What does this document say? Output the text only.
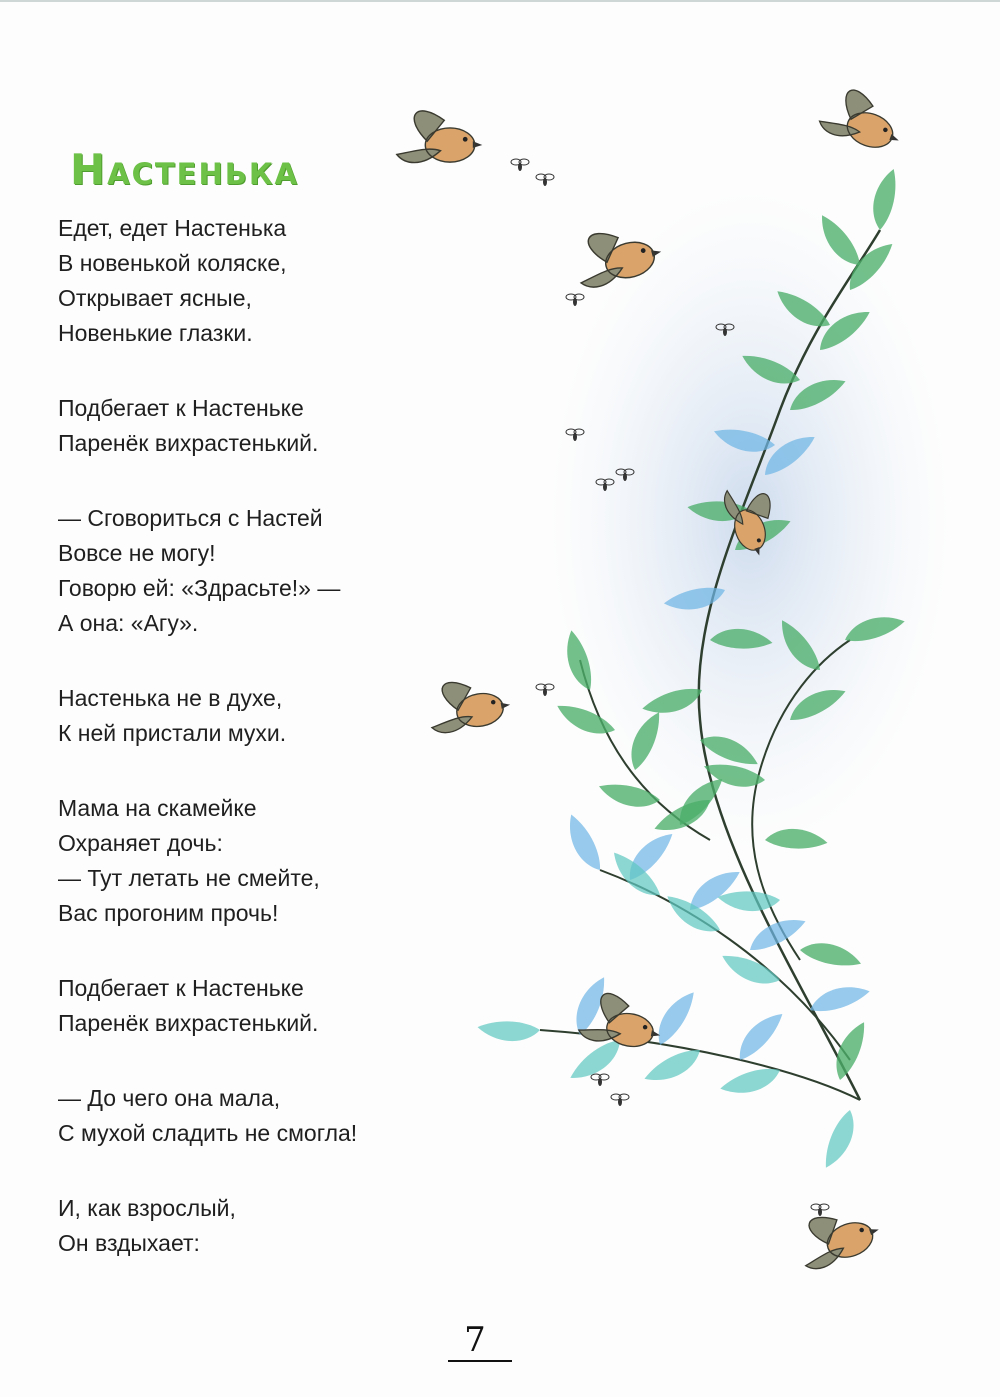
Настенька
Едет, едет Настенька
В новенькой коляске,
Открывает ясные,
Новенькие глазки.
Подбегает к Настеньке
Паренёк вихрастенький.
— Сговориться с Настей
Вовсе не могу!
Говорю ей: «Здрасьте!» —
А она: «Агу».
Настенька не в духе,
К ней пристали мухи.
Мама на скамейке
Охраняет дочь:
— Тут летать не смейте,
Вас прогоним прочь!
Подбегает к Настеньке
Паренёк вихрастенький.
— До чего она мала,
С мухой сладить не смогла!
И, как взрослый,
Он вздыхает:
7
